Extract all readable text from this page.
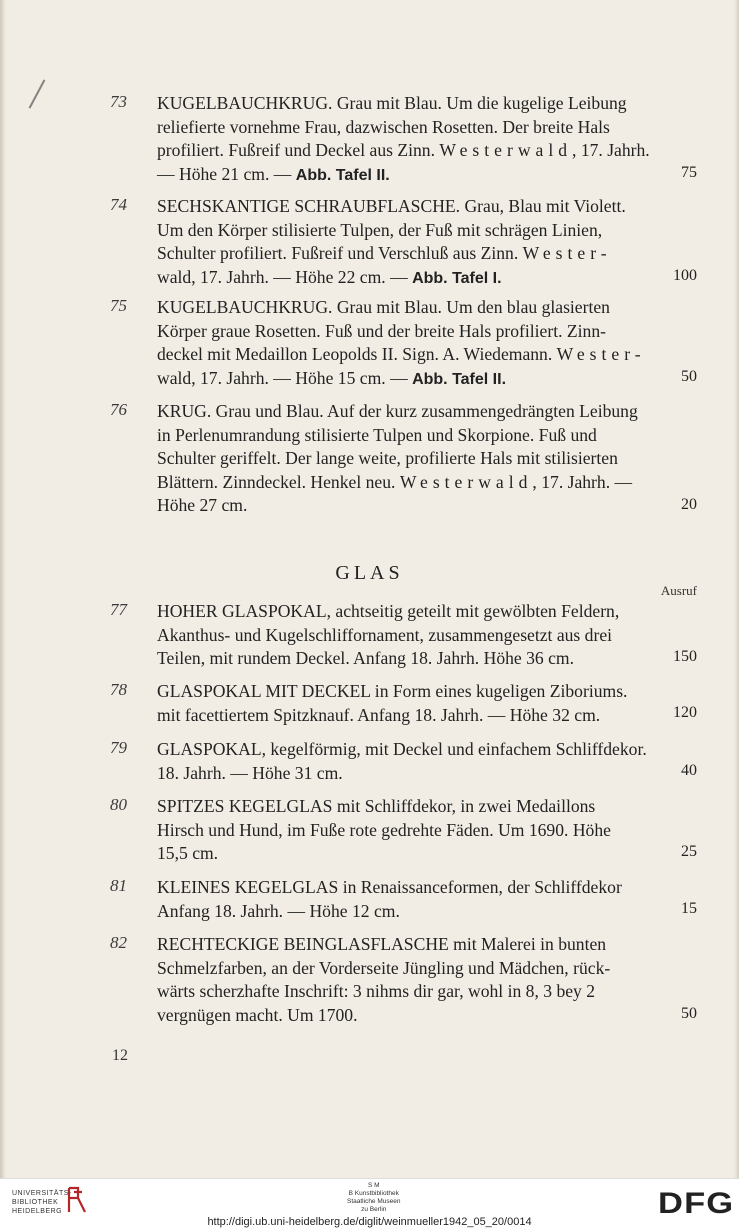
73 KUGELBAUCHKRUG. Grau mit Blau. Um die kugelige Leibung
reliefierte vornehme Frau, dazwischen Rosetten. Der breite Hals
profiliert. Fußreif und Deckel aus Zinn. Westerwald, 17. Jahrh.
— Höhe 21 cm. — Abb. Tafel II.	75
74 SECHSKANTIGE SCHRAUBFLASCHE. Grau, Blau mit Violett.
Um den Körper stilisierte Tulpen, der Fuß mit schrägen Linien,
Schulter profiliert. Fußreif und Verschluß aus Zinn. Wester-
wald, 17. Jahrh. — Höhe 22 cm. — Abb. Tafel I.	100
75 KUGELBAUCHKRUG. Grau mit Blau. Um den blau glasierten
Körper graue Rosetten. Fuß und der breite Hals profiliert. Zinn-
deckel mit Medaillon Leopolds II. Sign. A. Wiedemann. Wester-
wald, 17. Jahrh. — Höhe 15 cm. — Abb. Tafel II.	50
76 KRUG. Grau und Blau. Auf der kurz zusammengedrängten Leibung
in Perlenumrandung stilisierte Tulpen und Skorpione. Fuß und
Schulter geriffelt. Der lange weite, profilierte Hals mit stilisierten
Blättern. Zinndeckel. Henkel neu. Westerwald, 17. Jahrh. —
Höhe 27 cm.	20
GLAS
Ausruf
77 HOHER GLASPOKAL, achtseitig geteilt mit gewölbten Feldern,
Akanthus- und Kugelschliffornament, zusammengesetzt aus drei
Teilen, mit rundem Deckel. Anfang 18. Jahrh. Höhe 36 cm.	150
78 GLASPOKAL MIT DECKEL in Form eines kugeligen Ziboriums.
mit facettiertem Spitzknauf. Anfang 18. Jahrh. — Höhe 32 cm.	120
79 GLASPOKAL, kegelförmig, mit Deckel und einfachem Schliffdekor.
18. Jahrh. — Höhe 31 cm.	40
80 SPITZES KEGELGLAS mit Schliffdekor, in zwei Medaillons
Hirsch und Hund, im Fuße rote gedrehte Fäden. Um 1690. Höhe
15,5 cm.	25
81 KLEINES KEGELGLAS in Renaissanceformen, der Schliffdekor
Anfang 18. Jahrh. — Höhe 12 cm.	15
82 RECHTECKIGE BEINGLASFLASCHE mit Malerei in bunten
Schmelzfarben, an der Vorderseite Jüngling und Mädchen, rück-
wärts scherzhafte Inschrift: 3 nihms dir gar, wohl in 8, 3 bey 2
vergnügen macht. Um 1700.	50
12
UNIVERSITÄTS-
BIBLIOTHEK
HEIDELBERG
S M
B Kunstbibliothek
Staatliche Museen
zu Berlin	DFG
http://digi.ub.uni-heidelberg.de/diglit/weinmueller1942_05_20/0014
